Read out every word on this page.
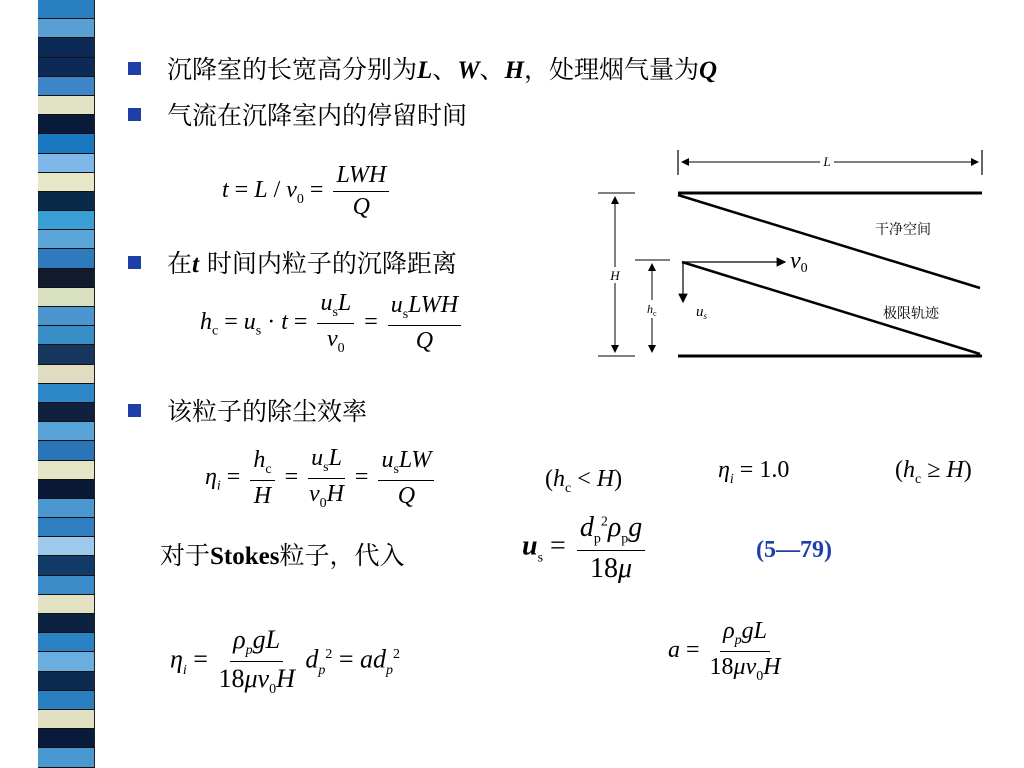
沉降室的长宽高分别为L、W、H，处理烟气量为Q
气流在沉降室内的停留时间
$t = L / v_0 = \frac{\text{LWH}}{Q}$
在t 时间内粒子的沉降距离
$h_c = u_s \cdot t = \frac{u_sL}{v_0} = \frac{u_sLWH}{Q}$
该粒子的除尘效率
$\eta_i = \frac{h_c}{H} = \frac{u_sL}{v_0H} = \frac{u_sLW}{Q}$	$(h_c < H)$	$\eta_i = 1.0$	$(h_c \ge H)$
对于Stokes粒子，代入	$u_s = \frac{d_p^2\rho_pg}{18\mu}$	(5—79)
$\eta_i = \frac{\rho_pgL}{18\mu v_0H} d_p^2 = ad_p^2$	$a = \frac{\rho_pgL}{18\mu v_0H}$
L
H
$h_c$
v0
$u_s$
干净空间
极限轨迹
